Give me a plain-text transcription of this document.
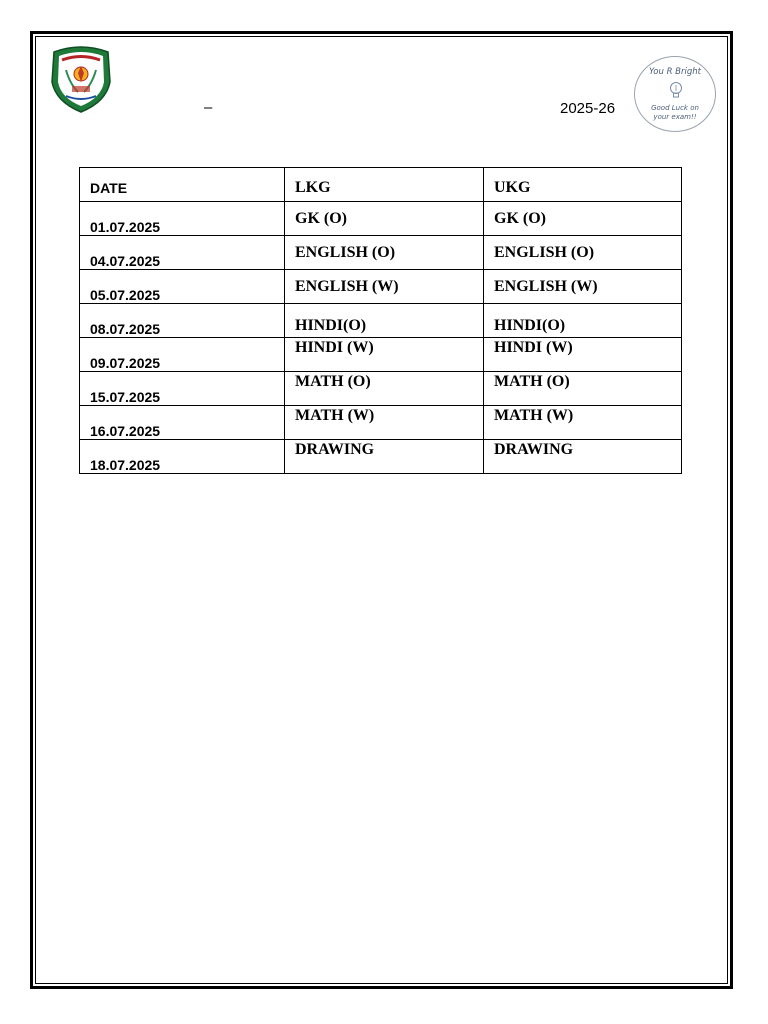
–	2025-26
You R Bright
Good Luck on
your exam!!
DATE	LKG	UKG
01.07.2025	GK (O)	GK (O)
04.07.2025	ENGLISH (O)	ENGLISH (O)
05.07.2025	ENGLISH (W)	ENGLISH (W)
08.07.2025	HINDI(O)	HINDI(O)
09.07.2025	HINDI (W)	HINDI (W)
15.07.2025	MATH (O)	MATH (O)
16.07.2025	MATH (W)	MATH (W)
18.07.2025	DRAWING	DRAWING
